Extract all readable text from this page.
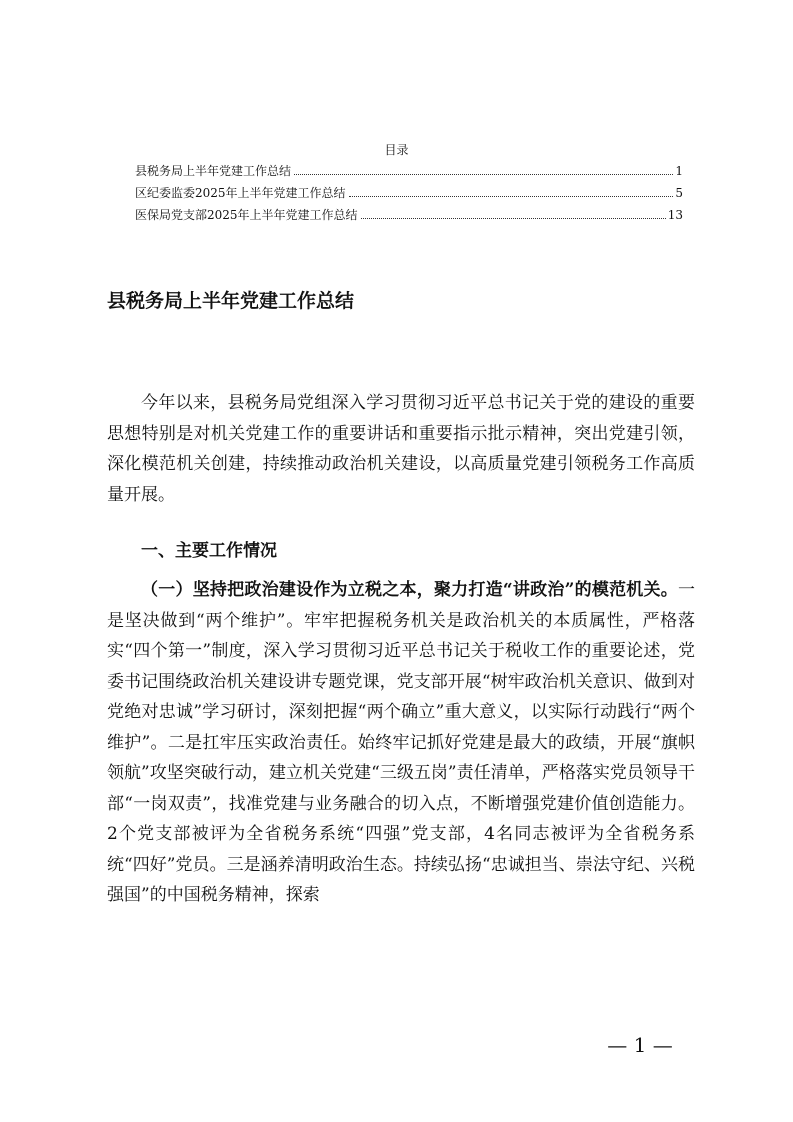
目录
县税务局上半年党建工作总结	1
区纪委监委2025年上半年党建工作总结	5
医保局党支部2025年上半年党建工作总结	13
县税务局上半年党建工作总结

今年以来，县税务局党组深入学习贯彻习近平总书记关于党的建设的重要思想特别是对机关党建工作的重要讲话和重要指示批示精神，突出党建引领，深化模范机关创建，持续推动政治机关建设，以高质量党建引领税务工作高质量开展。

一、主要工作情况

（一）坚持把政治建设作为立税之本，聚力打造“讲政治”的模范机关。一是坚决做到“两个维护”。牢牢把握税务机关是政治机关的本质属性，严格落实“四个第一”制度，深入学习贯彻习近平总书记关于税收工作的重要论述，党委书记围绕政治机关建设讲专题党课，党支部开展“树牢政治机关意识、做到对党绝对忠诚”学习研讨，深刻把握“两个确立”重大意义，以实际行动践行“两个维护”。二是扛牢压实政治责任。始终牢记抓好党建是最大的政绩，开展“旗帜领航”攻坚突破行动，建立机关党建“三级五岗”责任清单，严格落实党员领导干部“一岗双责”，找准党建与业务融合的切入点，不断增强党建价值创造能力。2个党支部被评为全省税务系统“四强”党支部，4名同志被评为全省税务系统“四好”党员。三是涵养清明政治生态。持续弘扬“忠诚担当、崇法守纪、兴税强国”的中国税务精神，探索

— 1 —
